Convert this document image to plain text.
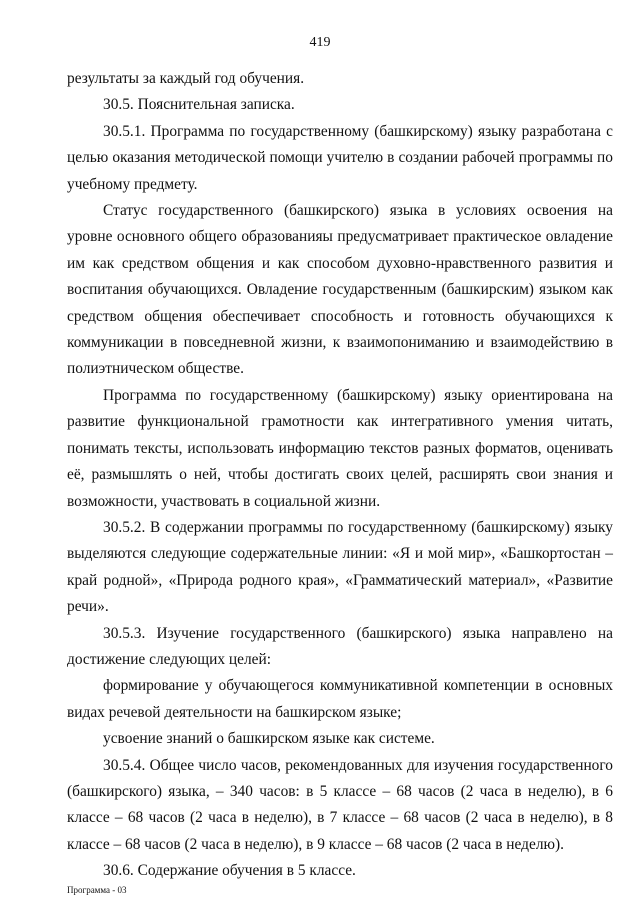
419

результаты за каждый год обучения.

30.5. Пояснительная записка.

30.5.1. Программа по государственному (башкирскому) языку разработана с целью оказания методической помощи учителю в создании рабочей программы по учебному предмету.

Статус государственного (башкирского) языка в условиях освоения на уровне основного общего образованияы предусматривает практическое овладение им как средством общения и как способом духовно-нравственного развития и воспитания обучающихся. Овладение государственным (башкирским) языком как средством общения обеспечивает способность и готовность обучающихся к коммуникации в повседневной жизни, к взаимопониманию и взаимодействию в полиэтническом обществе.

Программа по государственному (башкирскому) языку ориентирована на развитие функциональной грамотности как интегративного умения читать, понимать тексты, использовать информацию текстов разных форматов, оценивать её, размышлять о ней, чтобы достигать своих целей, расширять свои знания и возможности, участвовать в социальной жизни.

30.5.2. В содержании программы по государственному (башкирскому) языку выделяются следующие содержательные линии: «Я и мой мир», «Башкортостан – край родной», «Природа родного края», «Грамматический материал», «Развитие речи».

30.5.3. Изучение государственного (башкирского) языка направлено на достижение следующих целей:

формирование у обучающегося коммуникативной компетенции в основных видах речевой деятельности на башкирском языке;

усвоение знаний о башкирском языке как системе.

30.5.4. Общее число часов, рекомендованных для изучения государственного (башкирского) языка, – 340 часов: в 5 классе – 68 часов (2 часа в неделю), в 6 классе – 68 часов (2 часа в неделю), в 7 классе – 68 часов (2 часа в неделю), в 8 классе – 68 часов (2 часа в неделю), в 9 классе – 68 часов (2 часа в неделю).

30.6. Содержание обучения в 5 классе.

Программа - 03
